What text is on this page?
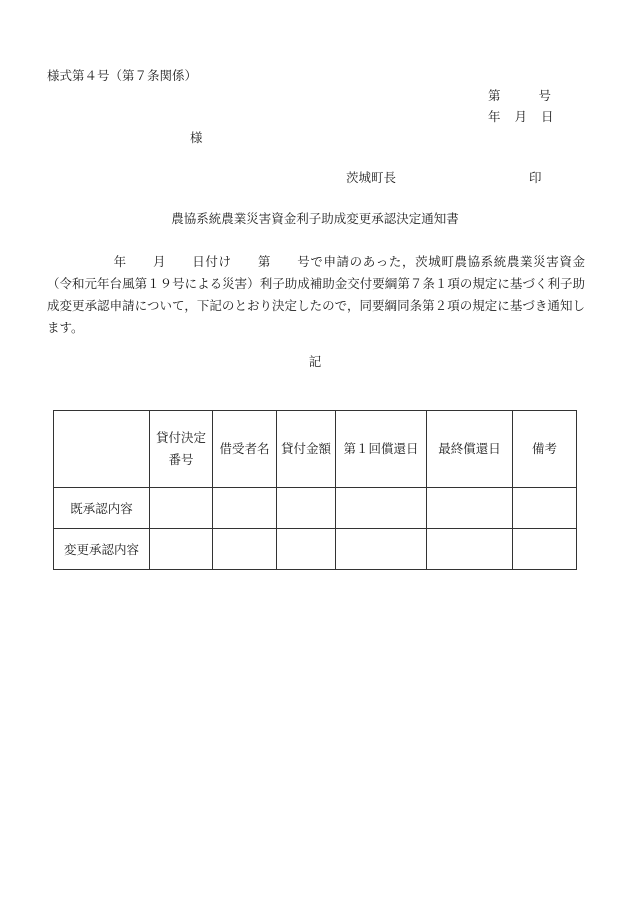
様式第４号（第７条関係）
第	号
年 月 日
様
茨城町長	印
農協系統農業災害資金利子助成変更承認決定通知書
年　　月　　日付け　　第　　号で申請のあった，茨城町農協系統農業災害資金（令和元年台風第１９号による災害）利子助成補助金交付要綱第７条１項の規定に基づく利子助成変更承認申請について，下記のとおり決定したので，同要綱同条第２項の規定に基づき通知します。
記
	貸付決定番号	借受者名	貸付金額	第１回償還日	最終償還日	備考
既承認内容						
変更承認内容						
